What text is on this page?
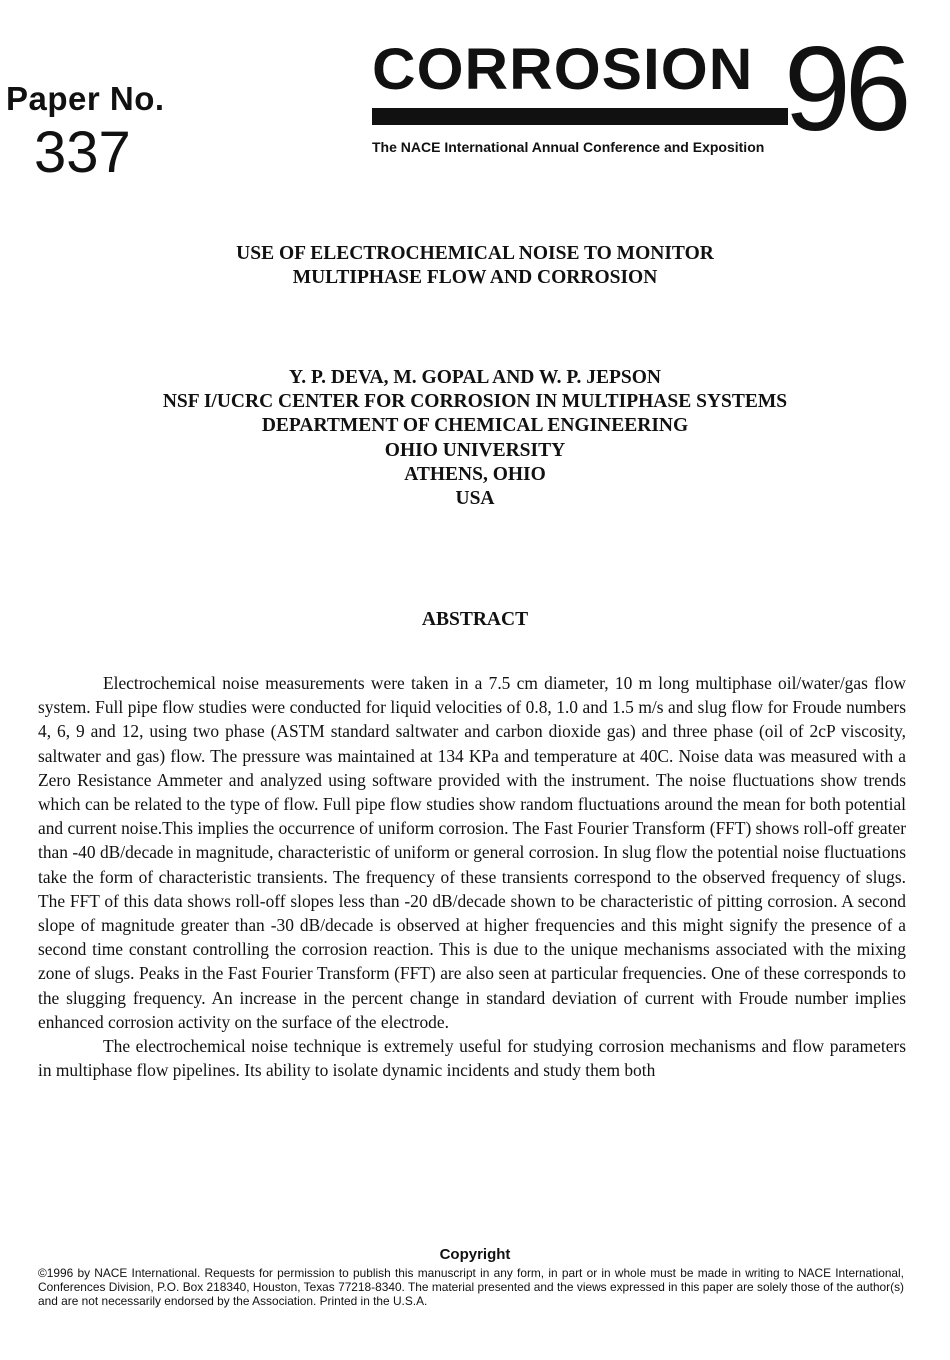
Paper No.
337
CORROSION 96
The NACE International Annual Conference and Exposition
USE OF ELECTROCHEMICAL NOISE TO MONITOR
MULTIPHASE FLOW AND CORROSION
Y. P. DEVA, M. GOPAL AND W. P. JEPSON
NSF I/UCRC CENTER FOR CORROSION IN MULTIPHASE SYSTEMS
DEPARTMENT OF CHEMICAL ENGINEERING
OHIO UNIVERSITY
ATHENS, OHIO
USA
ABSTRACT

Electrochemical noise measurements were taken in a 7.5 cm diameter, 10 m long multiphase oil/water/gas flow system. Full pipe flow studies were conducted for liquid velocities of 0.8, 1.0 and 1.5 m/s and slug flow for Froude numbers 4, 6, 9 and 12, using two phase (ASTM standard saltwater and carbon dioxide gas) and three phase (oil of 2cP viscosity, saltwater and gas) flow. The pressure was maintained at 134 KPa and temperature at 40C. Noise data was measured with a Zero Resistance Ammeter and analyzed using software provided with the instrument. The noise fluctuations show trends which can be related to the type of flow. Full pipe flow studies show random fluctuations around the mean for both potential and current noise.This implies the occurrence of uniform corrosion. The Fast Fourier Transform (FFT) shows roll-off greater than -40 dB/decade in magnitude, characteristic of uniform or general corrosion. In slug flow the potential noise fluctuations take the form of characteristic transients. The frequency of these transients correspond to the observed frequency of slugs. The FFT of this data shows roll-off slopes less than -20 dB/decade shown to be characteristic of pitting corrosion. A second slope of magnitude greater than -30 dB/decade is observed at higher frequencies and this might signify the presence of a second time constant controlling the corrosion reaction. This is due to the unique mechanisms associated with the mixing zone of slugs. Peaks in the Fast Fourier Transform (FFT) are also seen at particular frequencies. One of these corresponds to the slugging frequency. An increase in the percent change in standard deviation of current with Froude number implies enhanced corrosion activity on the surface of the electrode.

The electrochemical noise technique is extremely useful for studying corrosion mechanisms and flow parameters in multiphase flow pipelines. Its ability to isolate dynamic incidents and study them both

Copyright
©1996 by NACE International. Requests for permission to publish this manuscript in any form, in part or in whole must be made in writing to NACE International, Conferences Division, P.O. Box 218340, Houston, Texas 77218-8340. The material presented and the views expressed in this paper are solely those of the author(s) and are not necessarily endorsed by the Association. Printed in the U.S.A.
